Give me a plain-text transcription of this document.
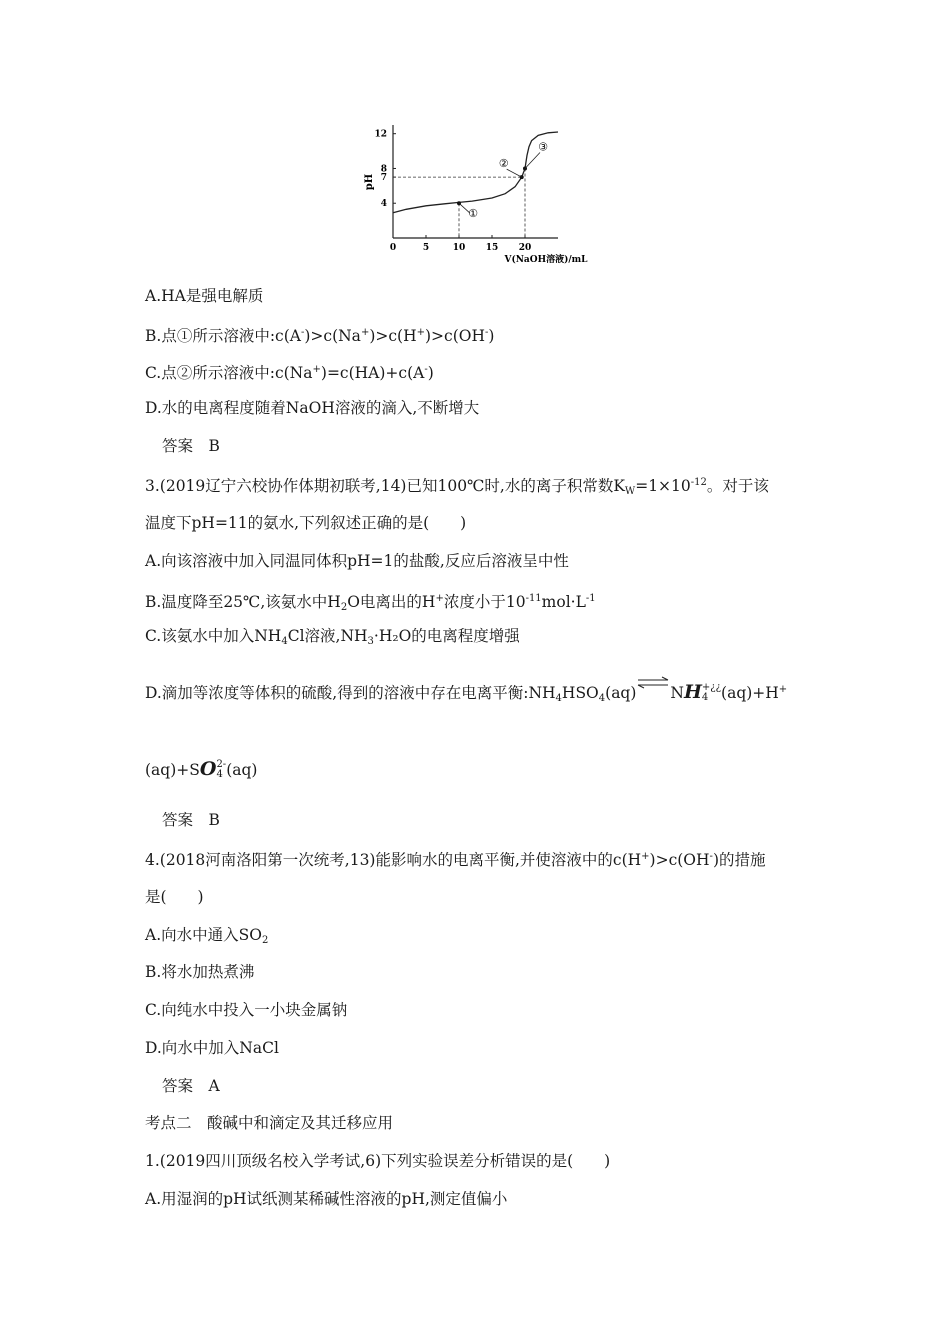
0	5	10 15 20
4
7
8
12
①
②
③
pH
V(NaOH溶液)/mL
A.HA是强电解质
B.点①所示溶液中:c(A-)>c(Na+)>c(H+)>c(OH-)
C.点②所示溶液中:c(Na+)=c(HA)+c(A-)
D.水的电离程度随着NaOH溶液的滴入,不断增大
答案　B
3.(2019辽宁六校协作体期初联考,14)已知100℃时,水的离子积常数$K_W=1\times 10^{-12}$。对于该
温度下pH=11的氨水,下列叙述正确的是(　　)
A.向该溶液中加入同温同体积pH=1的盐酸,反应后溶液呈中性
B.温度降至25℃,该氨水中$H_2O$电离出的H+浓度小于$10^{-11}mol\cdot L^{-1}$
C.该氨水中加入$NH_4Cl$溶液$,NH_3\cdot H_2O$的电离程度增强
D.滴加等浓度等体积的硫酸,得到的溶液中存在电离平衡$:NH_4HSO_4(aq)$ NH +¿¿
4 (aq)+H+
(aq)+SO 2-
4 (aq)
答案　B
4.(2018河南洛阳第一次统考,13)能影响水的电离平衡,并使溶液中的c(H+)>c(OH-)的措施
是(　　)
A.向水中通入$SO_2$
B.将水加热煮沸
C.向纯水中投入一小块金属钠
D.向水中加入NaCl
答案　A
考点二　酸碱中和滴定及其迁移应用
1.(2019四川顶级名校入学考试,6)下列实验误差分析错误的是(　　)
A.用湿润的pH试纸测某稀碱性溶液的pH,测定值偏小
